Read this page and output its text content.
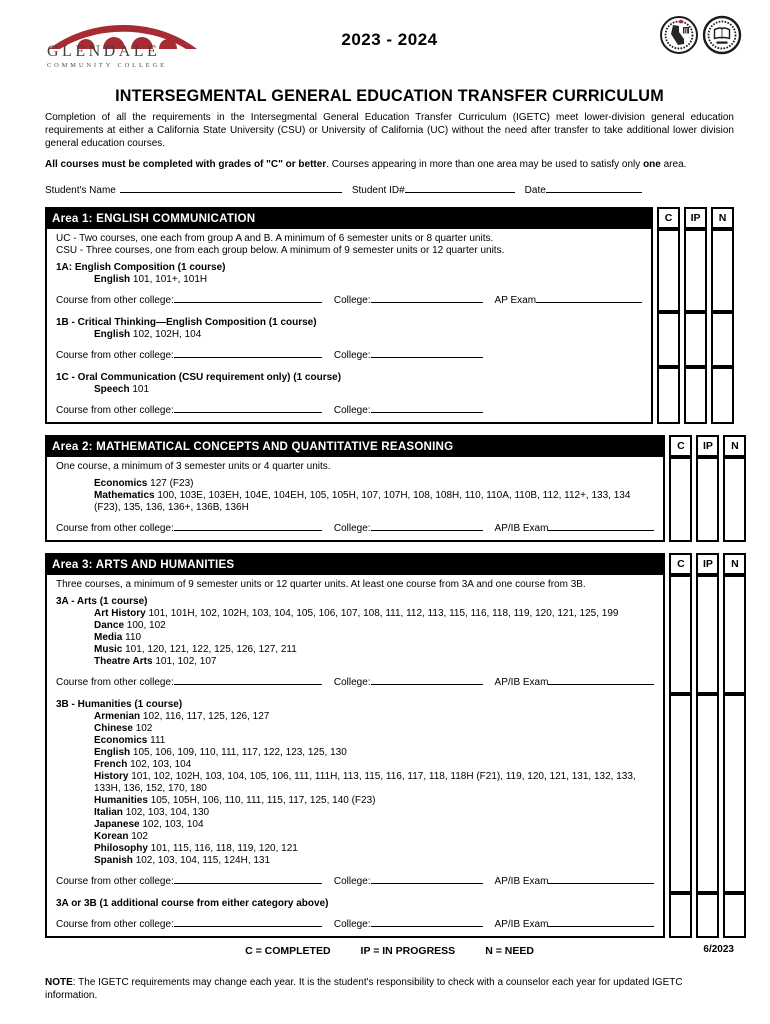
GLENDALE
COMMUNITY COLLEGE
2023 - 2024
INTERSEGMENTAL GENERAL EDUCATION TRANSFER CURRICULUM
Completion of all the requirements in the Intersegmental General Education Transfer Curriculum (IGETC) meet lower-division general education requirements at either a California State University (CSU) or University of California (UC) without the need after transfer to take additional lower division general education courses.
All courses must be completed with grades of "C" or better. Courses appearing in more than one area may be used to satisfy only one area.
Student's Name	Student ID#	Date
Area 1: ENGLISH COMMUNICATION	C	IP	N
UC - Two courses, one each from group A and B. A minimum of 6 semester units or 8 quarter units.
CSU - Three courses, one from each group below. A minimum of 9 semester units or 12 quarter units.
1A: English Composition (1 course)
English 101, 101+, 101H
Course from other college:	College:	AP Exam
1B - Critical Thinking—English Composition (1 course)
English 102, 102H, 104
Course from other college:	College:
1C - Oral Communication (CSU requirement only) (1 course)
Speech 101
Course from other college:	College:
Area 2: MATHEMATICAL CONCEPTS AND QUANTITATIVE REASONING	C	IP	N
One course, a minimum of 3 semester units or 4 quarter units.
Economics 127 (F23)
Mathematics 100, 103E, 103EH, 104E, 104EH, 105, 105H, 107, 107H, 108, 108H, 110, 110A, 110B, 112, 112+, 133, 134 (F23), 135, 136, 136+, 136B, 136H
Course from other college:	College:	AP/IB Exam
Area 3: ARTS AND HUMANITIES	C	IP	N
Three courses, a minimum of 9 semester units or 12 quarter units. At least one course from 3A and one course from 3B.
3A - Arts (1 course)
Art History 101, 101H, 102, 102H, 103, 104, 105, 106, 107, 108, 111, 112, 113, 115, 116, 118, 119, 120, 121, 125, 199
Dance 100, 102
Media 110
Music 101, 120, 121, 122, 125, 126, 127, 211
Theatre Arts 101, 102, 107
Course from other college:	College:	AP/IB Exam
3B - Humanities (1 course)
Armenian 102, 116, 117, 125, 126, 127
Chinese 102
Economics 111
English 105, 106, 109, 110, 111, 117, 122, 123, 125, 130
French 102, 103, 104
History 101, 102, 102H, 103, 104, 105, 106, 111, 111H, 113, 115, 116, 117, 118, 118H (F21), 119, 120, 121, 131, 132, 133, 133H, 136, 152, 170, 180
Humanities 105, 105H, 106, 110, 111, 115, 117, 125, 140 (F23)
Italian 102, 103, 104, 130
Japanese 102, 103, 104
Korean 102
Philosophy 101, 115, 116, 118, 119, 120, 121
Spanish 102, 103, 104, 115, 124H, 131
Course from other college:	College:	AP/IB Exam
3A or 3B (1 additional course from either category above)
Course from other college:	College:	AP/IB Exam
C = COMPLETED	IP = IN PROGRESS	N = NEED	6/2023
NOTE: The IGETC requirements may change each year. It is the student's responsibility to check with a counselor each year for updated IGETC information.
